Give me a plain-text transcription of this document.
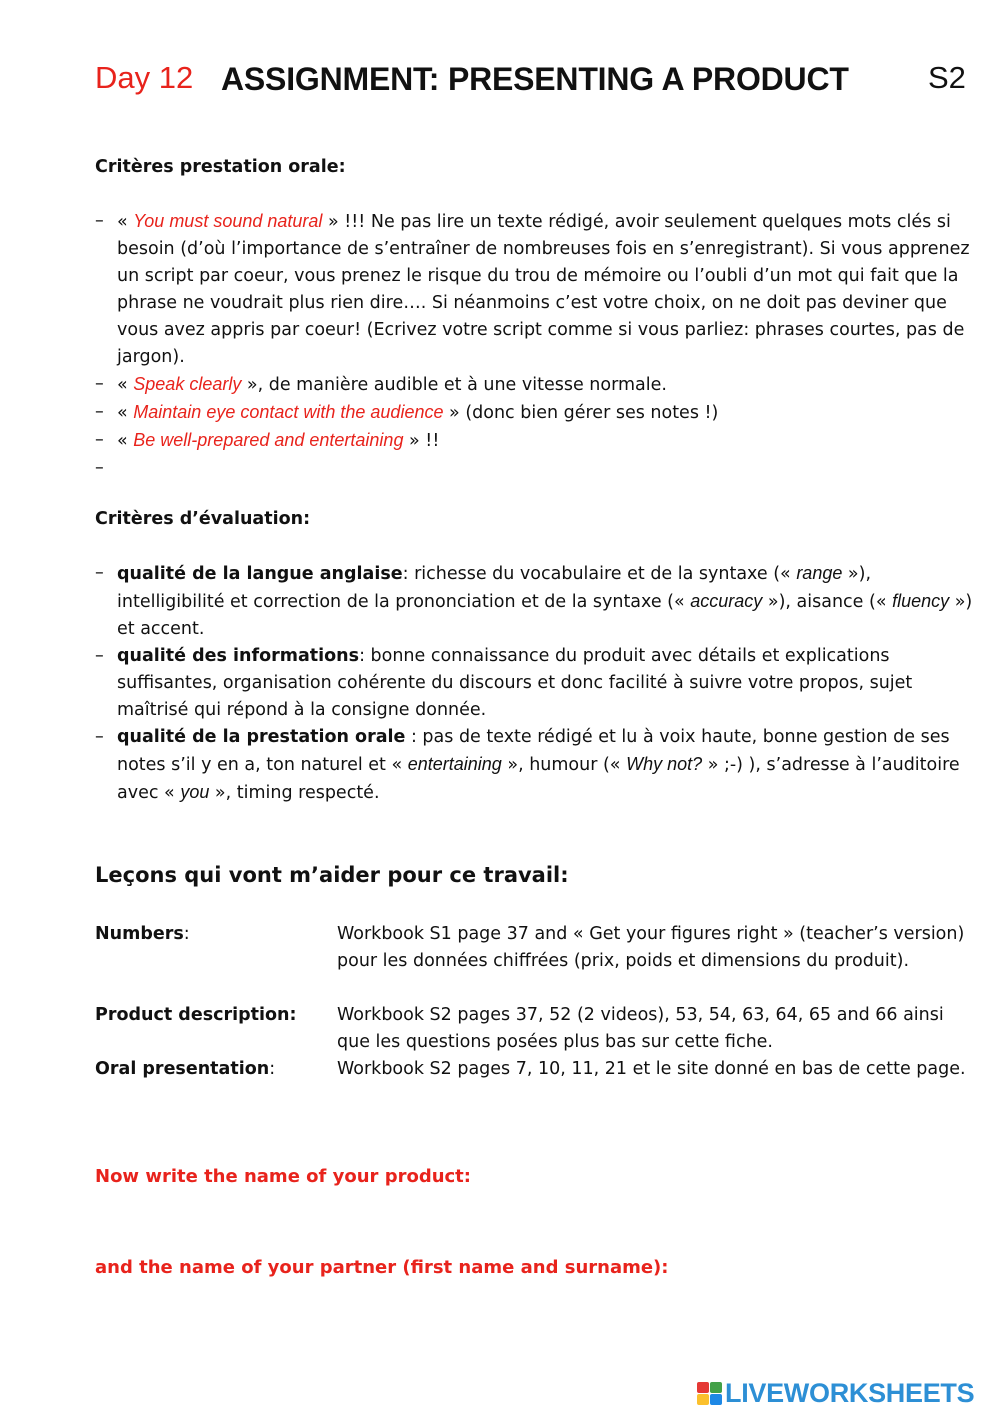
Day 12 ASSIGNMENT: PRESENTING A PRODUCT	S2
Critères prestation orale:
– « You must sound natural » !!! Ne pas lire un texte rédigé, avoir seulement quelques mots clés si besoin (d’où l’importance de s’entraîner de nombreuses fois en s’enregistrant). Si vous apprenez un script par coeur, vous prenez le risque du trou de mémoire ou l’oubli d’un mot qui fait que la phrase ne voudrait plus rien dire…. Si néanmoins c’est votre choix, on ne doit pas deviner que vous avez appris par coeur! (Ecrivez votre script comme si vous parliez: phrases courtes, pas de jargon).
– « Speak clearly », de manière audible et à une vitesse normale.
– « Maintain eye contact with the audience » (donc bien gérer ses notes !)
– « Be well-prepared and entertaining » !!
–
Critères d’évaluation:
– qualité de la langue anglaise: richesse du vocabulaire et de la syntaxe (« range »), intelligibilité et correction de la prononciation et de la syntaxe (« accuracy »), aisance (« fluency ») et accent.
– qualité des informations: bonne connaissance du produit avec détails et explications suffisantes, organisation cohérente du discours et donc facilité à suivre votre propos, sujet maîtrisé qui répond à la consigne donnée.
– qualité de la prestation orale : pas de texte rédigé et lu à voix haute, bonne gestion de ses notes s’il y en a, ton naturel et « entertaining », humour (« Why not? » ;-) ), s’adresse à l’auditoire avec « you », timing respecté.
Leçons qui vont m’aider pour ce travail:
Numbers:	Workbook S1 page 37 and « Get your figures right » (teacher’s version) pour les données chiffrées (prix, poids et dimensions du produit).
Product description:	Workbook S2 pages 37, 52 (2 videos), 53, 54, 63, 64, 65 and 66 ainsi que les questions posées plus bas sur cette fiche.
Oral presentation:	Workbook S2 pages 7, 10, 11, 21 et le site donné en bas de cette page.
Now write the name of your product:
and the name of your partner (first name and surname):
LIVEWORKSHEETS
